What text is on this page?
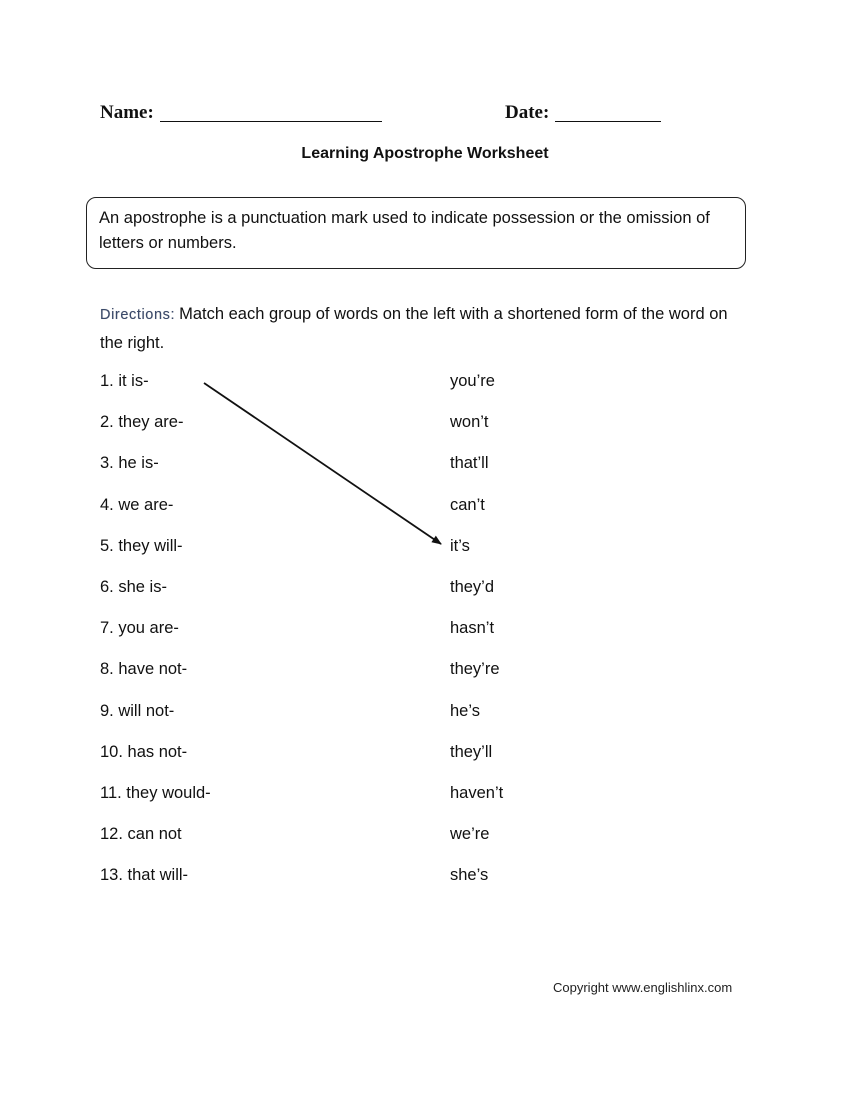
Name:	Date:
Learning Apostrophe Worksheet
An apostrophe is a punctuation mark used to indicate possession or the omission of letters or numbers.
Directions: Match each group of words on the left with a shortened form of the word on the right.
1. it is-
2. they are-
3. he is-
4. we are-
5. they will-
6. she is-
7. you are-
8. have not-
9. will not-
10. has not-
11. they would-
12. can not
13. that will-
you’re
won’t
that’ll
can’t
it’s
they’d
hasn’t
they’re
he’s
they’ll
haven’t
we’re
she’s
Copyright www.englishlinx.com
